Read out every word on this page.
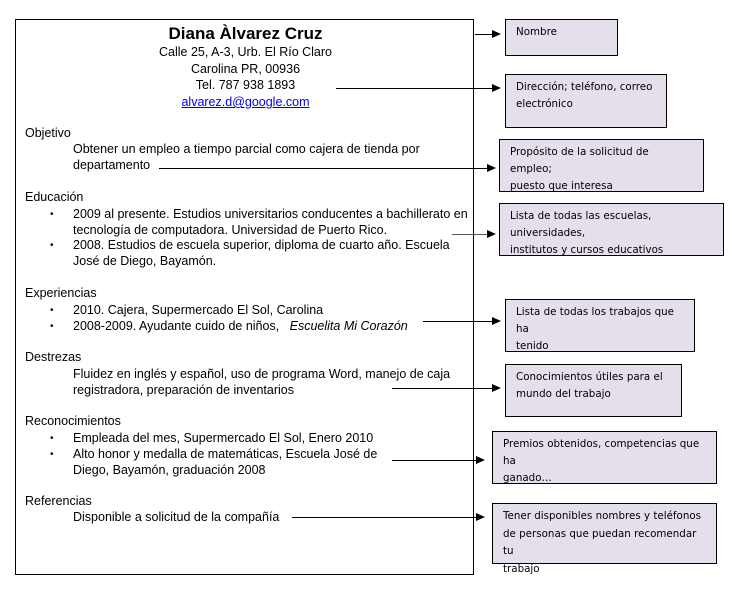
Diana Àlvarez Cruz
Calle 25, A-3, Urb. El Río Claro
Carolina PR, 00936
Tel. 787 938 1893
alvarez.d@google.com
Objetivo
Obtener un empleo a tiempo parcial como cajera de tienda por
departamento
Educación
• 2009 al presente. Estudios universitarios conducentes a bachillerato en
tecnología de computadora. Universidad de Puerto Rico.
• 2008. Estudios de escuela superior, diploma de cuarto año. Escuela
José de Diego, Bayamón.
Experiencias
• 2010. Cajera, Supermercado El Sol, Carolina
• 2008-2009. Ayudante cuido de niños, Escuelita Mi Corazón
Destrezas
Fluidez en inglés y español, uso de programa Word, manejo de caja
registradora, preparación de inventarios
Reconocimientos
• Empleada del mes, Supermercado El Sol, Enero 2010
• Alto honor y medalla de matemáticas, Escuela José de
Diego, Bayamón, graduación 2008
Referencias
Disponible a solicitud de la compañía
Nombre
Dirección; teléfono, correo
electrónico
Propósito de la solicitud de empleo;
puesto que interesa
Lista de todas las escuelas, universidades,
institutos y cursos educativos
Lista de todas los trabajos que ha
tenido
Conocimientos útiles para el
mundo del trabajo
Premios obtenidos, competencias que ha
ganado…
Tener disponibles nombres y teléfonos
de personas que puedan recomendar tu
trabajo
